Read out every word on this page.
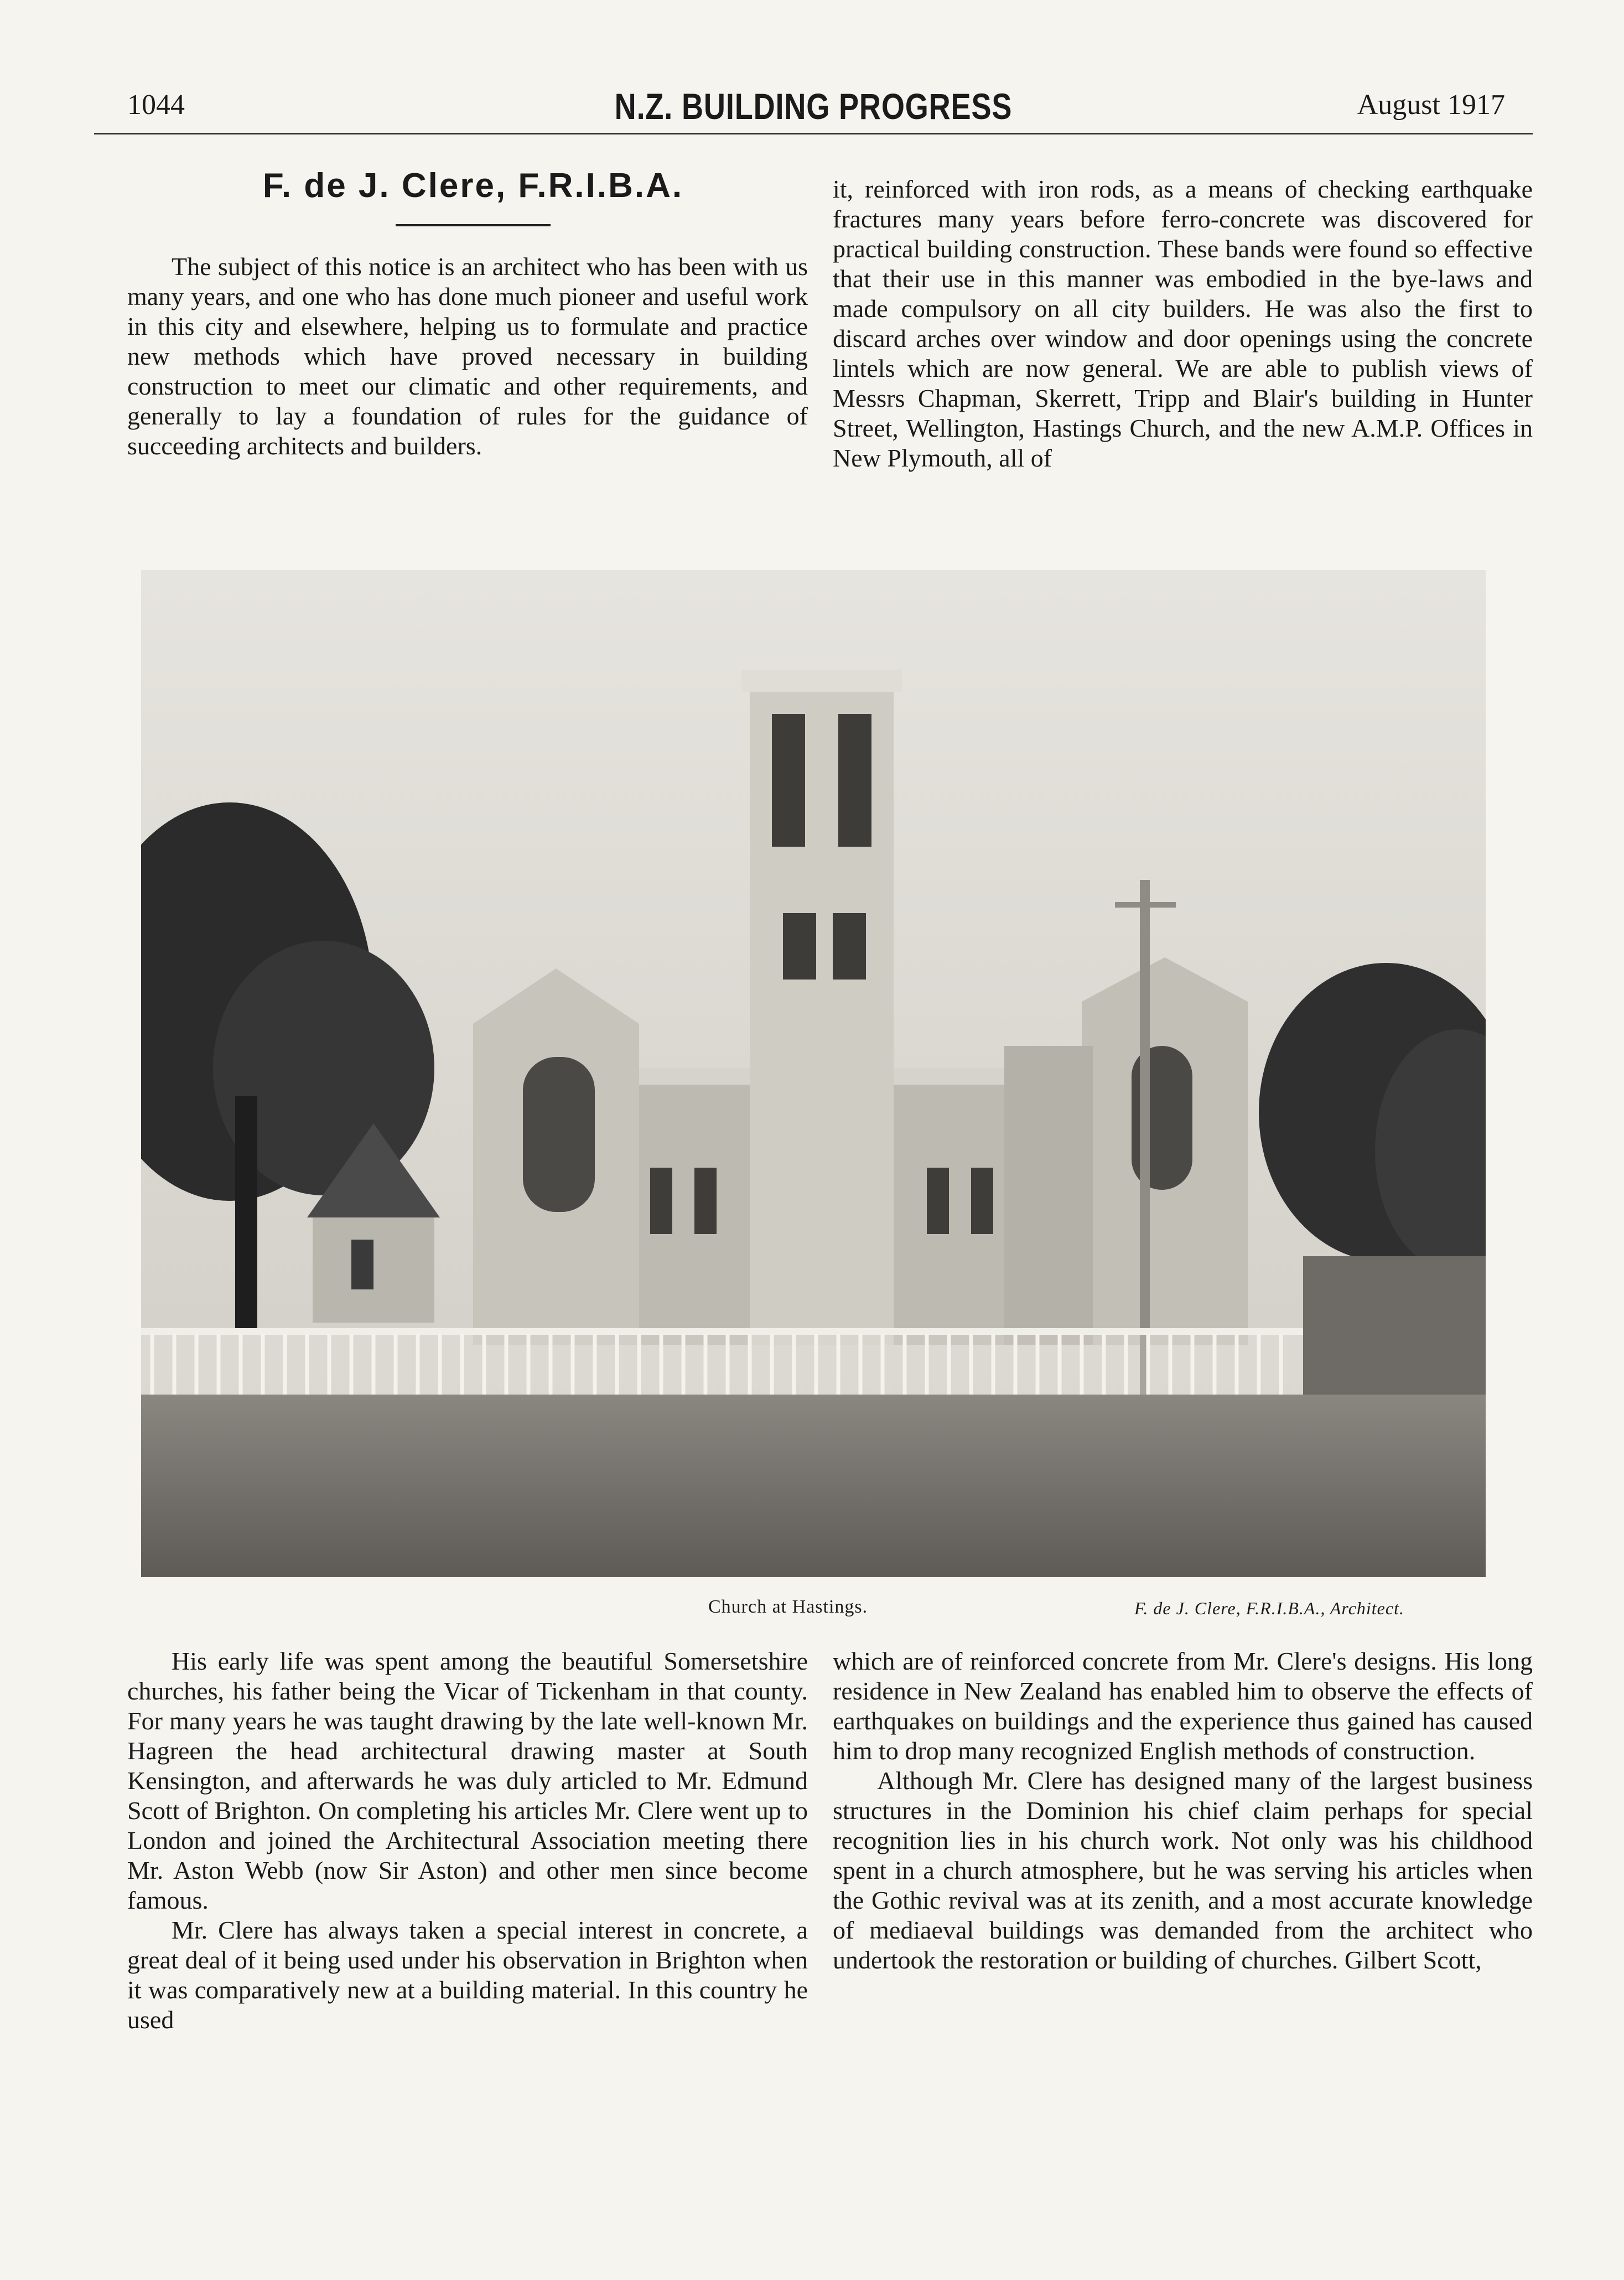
1044	N.Z. BUILDING PROGRESS	August 1917
F. de J. Clere, F.R.I.B.A.

The subject of this notice is an architect who has been with us many years, and one who has done much pioneer and useful work in this city and elsewhere, helping us to formulate and practice new methods which have proved necessary in building construction to meet our climatic and other requirements, and generally to lay a foundation of rules for the guidance of succeeding architects and builders.

it, reinforced with iron rods, as a means of checking earthquake fractures many years before ferro-concrete was discovered for practical building construction. These bands were found so effective that their use in this manner was embodied in the bye-laws and made compulsory on all city builders. He was also the first to discard arches over window and door openings using the concrete lintels which are now general. We are able to publish views of Messrs Chapman, Skerrett, Tripp and Blair's building in Hunter Street, Wellington, Hastings Church, and the new A.M.P. Offices in New Plymouth, all of

Church at Hastings.	F. de J. Clere, F.R.I.B.A., Architect.

His early life was spent among the beautiful Somersetshire churches, his father being the Vicar of Tickenham in that county. For many years he was taught drawing by the late well-known Mr. Hagreen the head architectural drawing master at South Kensington, and afterwards he was duly articled to Mr. Edmund Scott of Brighton. On completing his articles Mr. Clere went up to London and joined the Architectural Association meeting there Mr. Aston Webb (now Sir Aston) and other men since become famous.

Mr. Clere has always taken a special interest in concrete, a great deal of it being used under his observation in Brighton when it was comparatively new at a building material. In this country he used

which are of reinforced concrete from Mr. Clere's designs. His long residence in New Zealand has enabled him to observe the effects of earthquakes on buildings and the experience thus gained has caused him to drop many recognized English methods of construction.

Although Mr. Clere has designed many of the largest business structures in the Dominion his chief claim perhaps for special recognition lies in his church work. Not only was his childhood spent in a church atmosphere, but he was serving his articles when the Gothic revival was at its zenith, and a most accurate knowledge of mediaeval buildings was demanded from the architect who undertook the restoration or building of churches. Gilbert Scott,
